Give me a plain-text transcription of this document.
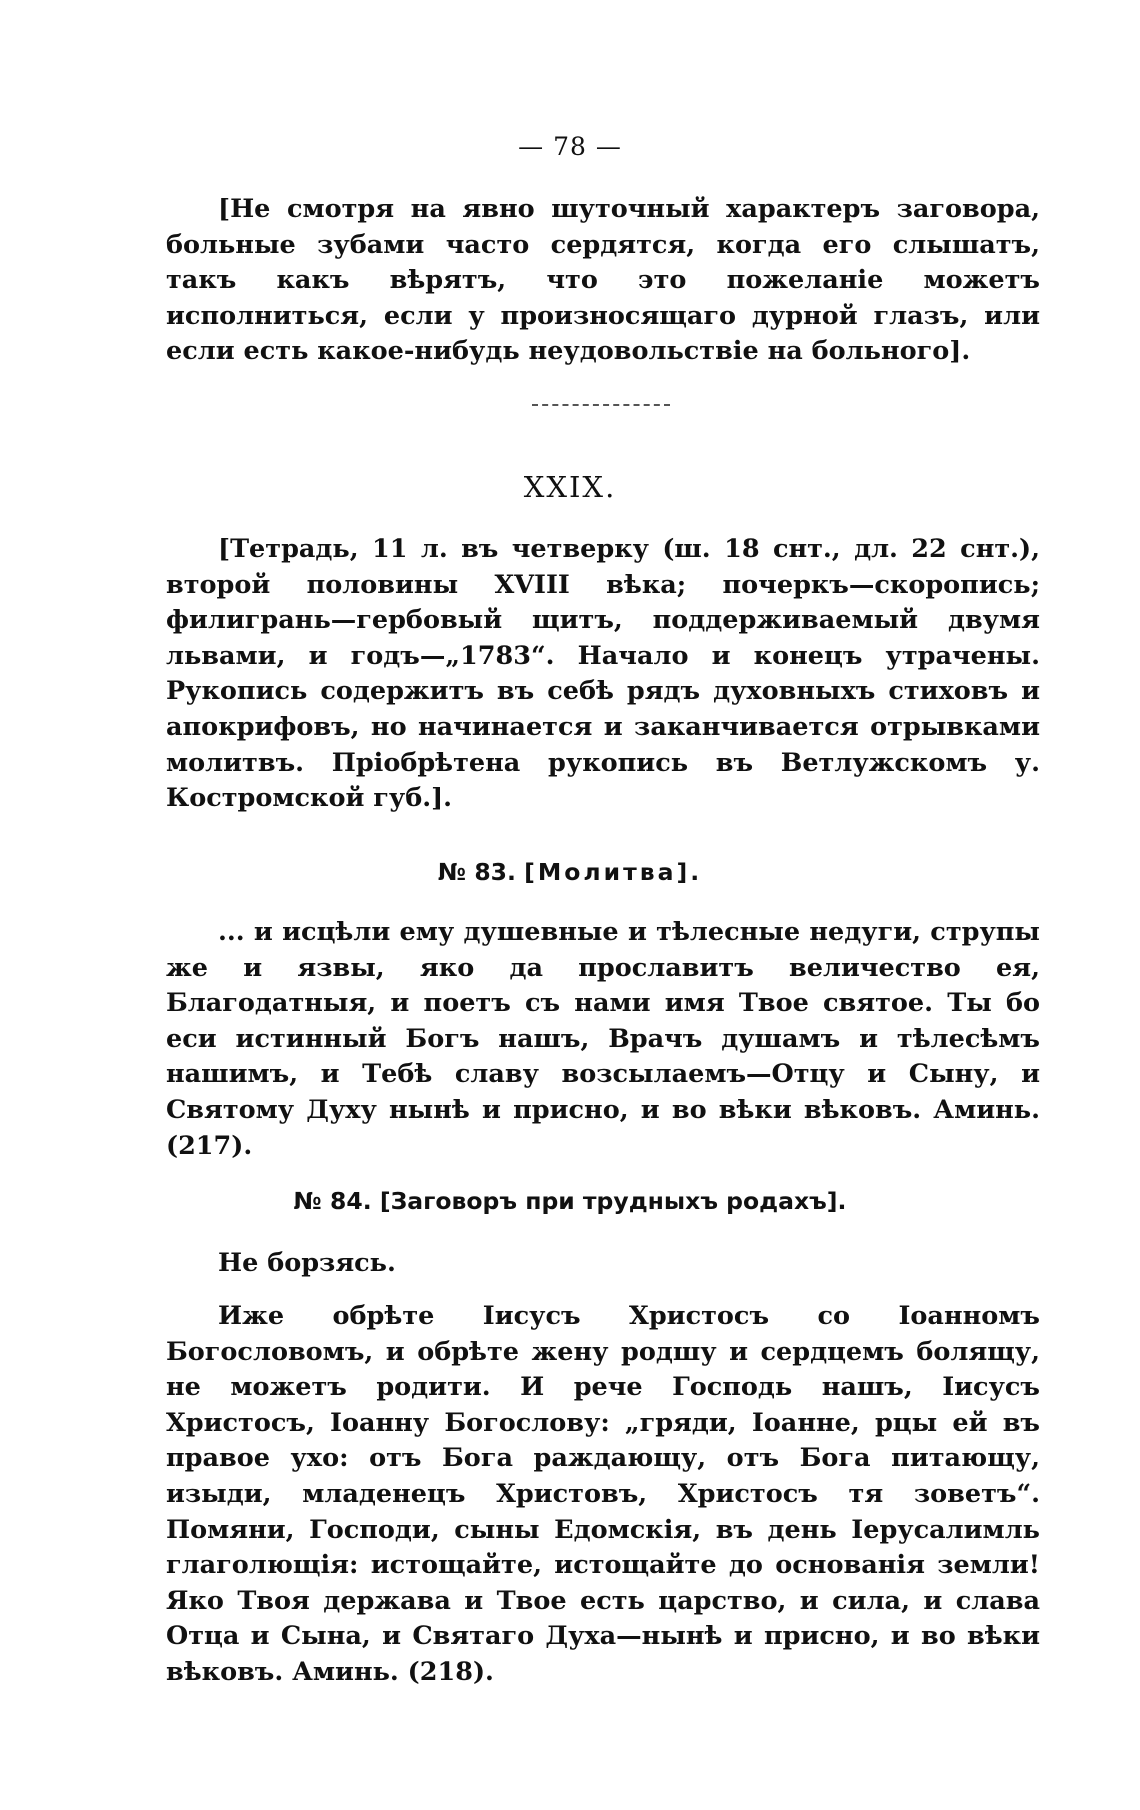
— 78 —

[Не смотря на явно шуточный характеръ заговора, больные зубами часто сердятся, когда его слышатъ, такъ какъ вѣрятъ, что это пожеланіе можетъ исполниться, если у произносящаго дурной глазъ, или если есть какое-нибудь неудовольствіе на больного].

XXIX.

[Тетрадь, 11 л. въ четверку (ш. 18 снт., дл. 22 снт.), второй половины XVIII вѣка; почеркъ—скоропись; филигрань—гербовый щитъ, поддерживаемый двумя львами, и годъ—„1783“. Начало и конецъ утрачены. Рукопись содержитъ въ себѣ рядъ духовныхъ стиховъ и апокрифовъ, но начинается и заканчивается отрывками молитвъ. Пріобрѣтена рукопись въ Ветлужскомъ у. Костромской губ.].

№ 83. [Молитва].

... и исцѣли ему душевные и тѣлесные недуги, струпы же и язвы, яко да прославитъ величество ея, Благодатныя, и поетъ съ нами имя Твое святое. Ты бо еси истинный Богъ нашъ, Врачъ душамъ и тѣлесѣмъ нашимъ, и Тебѣ славу возсылаемъ—Отцу и Сыну, и Святому Духу нынѣ и присно, и во вѣки вѣковъ. Аминь. (217).

№ 84. [Заговоръ при трудныхъ родахъ].

Не борзясь.

Иже обрѣте Іисусъ Христосъ со Іоанномъ Богословомъ, и обрѣте жену родшу и сердцемъ болящу, не можетъ родити. И рече Господь нашъ, Іисусъ Христосъ, Іоанну Богослову: „гряди, Іоанне, рцы ей въ правое ухо: отъ Бога раждающу, отъ Бога питающу, изыди, младенецъ Христовъ, Христосъ тя зоветъ“. Помяни, Господи, сыны Едомскія, въ день Іерусалимль глаголющія: истощайте, истощайте до основанія земли! Яко Твоя держава и Твое есть царство, и сила, и слава Отца и Сына, и Святаго Духа—нынѣ и присно, и во вѣки вѣковъ. Аминь. (218).
